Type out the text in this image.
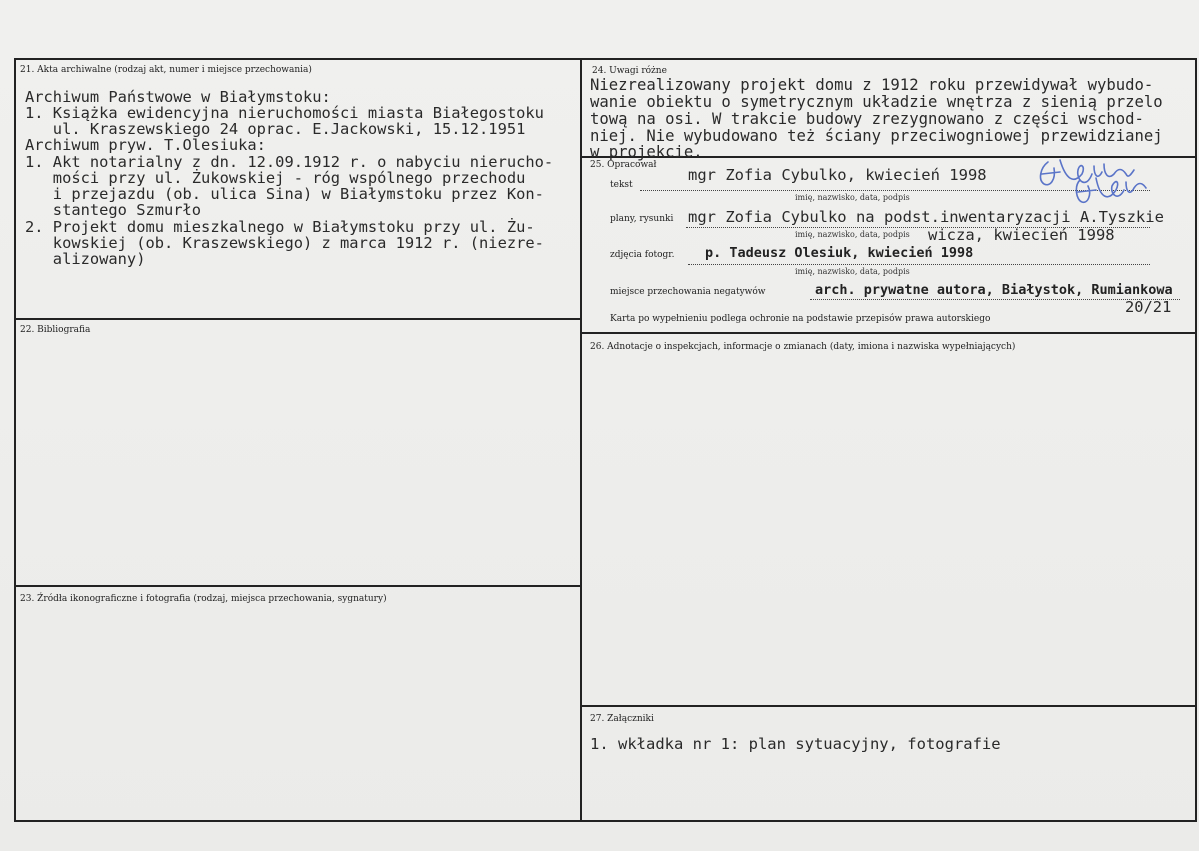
21. Akta archiwalne (rodzaj akt, numer i miejsce przechowania)
Archiwum Państwowe w Białymstoku:
1. Książka ewidencyjna nieruchomości miasta Białegostoku
ul. Kraszewskiego 24 oprac. E.Jackowski, 15.12.1951
Archiwum pryw. T.Olesiuka:
1. Akt notarialny z dn. 12.09.1912 r. o nabyciu nierucho-
mości przy ul. Żukowskiej - róg wspólnego przechodu
i przejazdu (ob. ulica Sina) w Białymstoku przez Kon-
stantego Szmurło
2. Projekt domu mieszkalnego w Białymstoku przy ul. Żu-
kowskiej (ob. Kraszewskiego) z marca 1912 r. (niezre-
alizowany)
22. Bibliografia
23. Źródła ikonograficzne i fotografia (rodzaj, miejsca przechowania, sygnatury)
24. Uwagi różne
Niezrealizowany projekt domu z 1912 roku przewidywał wybudo-
wanie obiektu o symetrycznym układzie wnętrza z sienią przelo
tową na osi. W trakcie budowy zrezygnowano z części wschod-
niej. Nie wybudowano też ściany przeciwogniowej przewidzianej
w projekcie.
25. Opracował
tekst
mgr Zofia Cybulko, kwiecień 1998
imię, nazwisko, data, podpis
plany, rysunki mgr Zofia Cybulko na podst.inwentaryzacji A.Tyszkie
imię, nazwisko, data, podpis wicza, kwiecień 1998
zdjęcia fotogr. p. Tadeusz Olesiuk, kwiecień 1998
imię, nazwisko, data, podpis
miejsce przechowania negatywów	arch. prywatne autora, Białystok, Rumiankowa
20/21
Karta po wypełnieniu podlega ochronie na podstawie przepisów prawa autorskiego
26. Adnotacje o inspekcjach, informacje o zmianach (daty, imiona i nazwiska wypełniających)
27. Załączniki
1. wkładka nr 1: plan sytuacyjny, fotografie
